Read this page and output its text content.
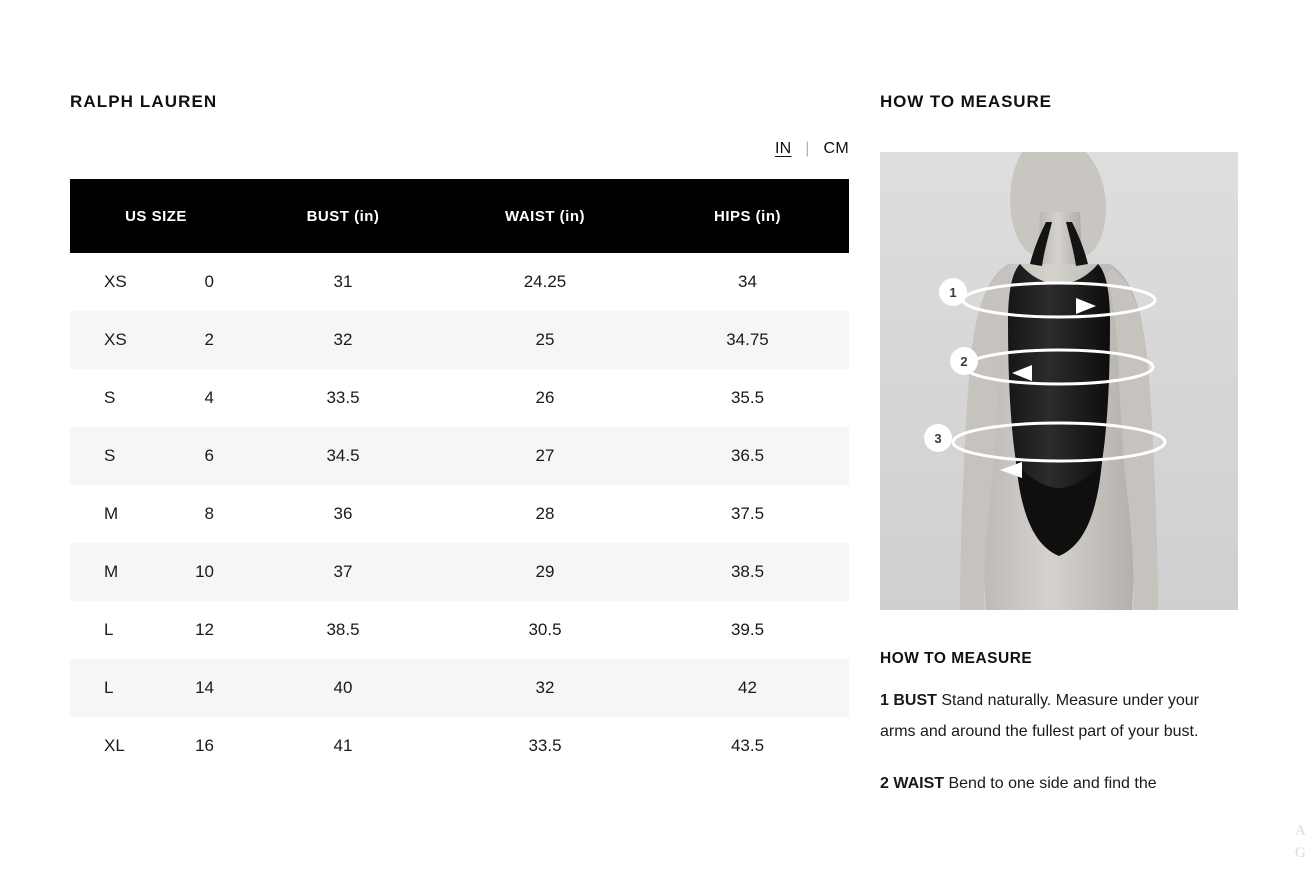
RALPH LAUREN
IN | CM
US SIZE	BUST (in)	WAIST (in)	HIPS (in)

XS 0	31	24.25	34

XS 2	32	25	34.75

S 4	33.5	26	35.5

S 6	34.5	27	36.5

M 8	36	28	37.5

M 10	37	29	38.5

L 12	38.5	30.5	39.5

L 14	40	32	42

XL 16	41	33.5	43.5
HOW TO MEASURE
1
2
3
HOW TO MEASURE
1 BUST Stand naturally. Measure under your arms and around the fullest part of your bust.
2 WAIST Bend to one side and find the
A
G
